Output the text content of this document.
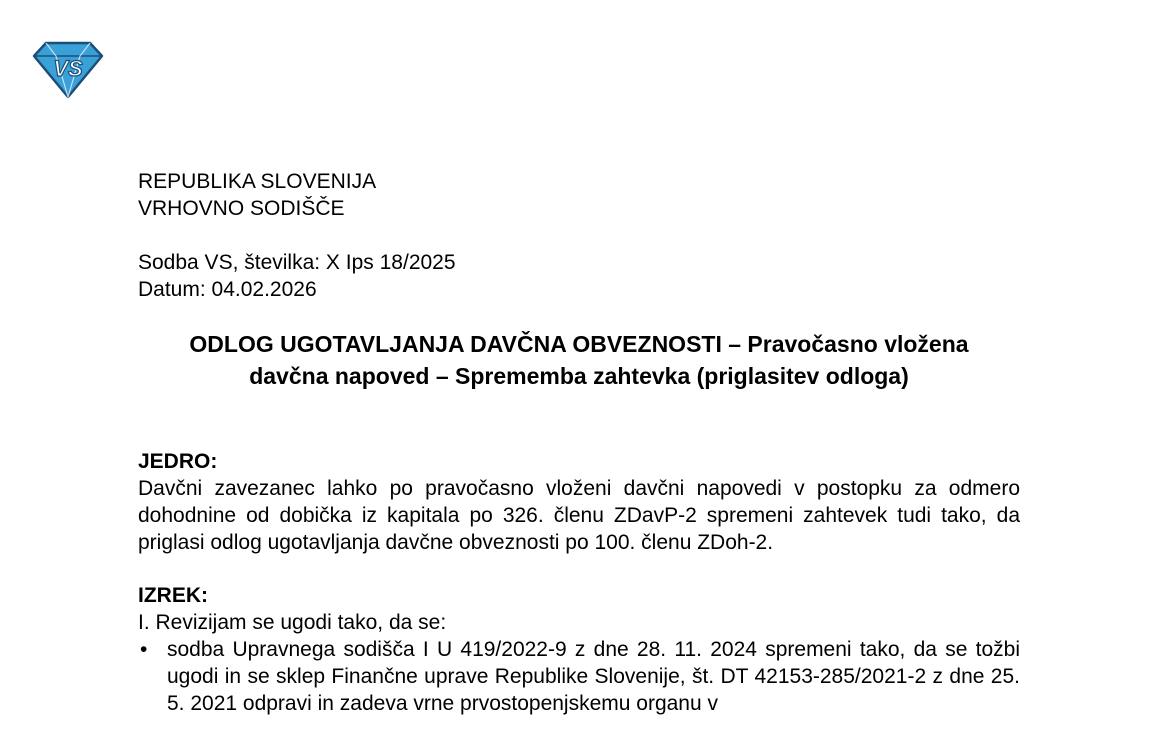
VS
REPUBLIKA SLOVENIJA
VRHOVNO SODIŠČE
Sodba VS, številka: X Ips 18/2025
Datum: 04.02.2026
ODLOG UGOTAVLJANJA DAVČNA OBVEZNOSTI – Pravočasno vložena davčna napoved – Sprememba zahtevka (priglasitev odloga)
JEDRO:
Davčni zavezanec lahko po pravočasno vloženi davčni napovedi v postopku za odmero dohodnine od dobička iz kapitala po 326. členu ZDavP-2 spremeni zahtevek tudi tako, da priglasi odlog ugotavljanja davčne obveznosti po 100. členu ZDoh-2.
IZREK:
I. Revizijam se ugodi tako, da se:
• sodba Upravnega sodišča I U 419/2022-9 z dne 28. 11. 2024 spremeni tako, da se tožbi ugodi in se sklep Finančne uprave Republike Slovenije, št. DT 42153-285/2021-2 z dne 25. 5. 2021 odpravi in zadeva vrne prvostopenjskemu organu v
